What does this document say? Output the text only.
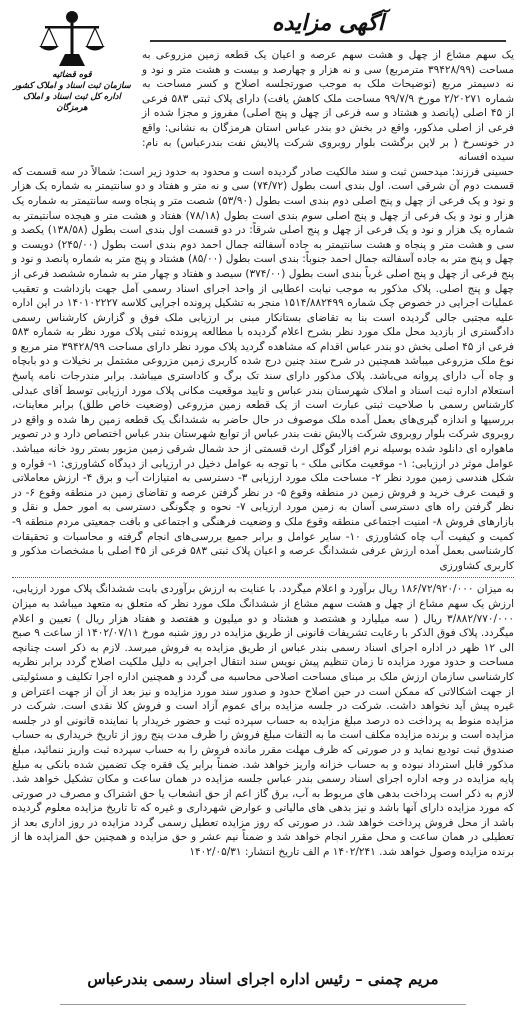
آگهی مزایده
قوه قضائیه
سازمان ثبت اسناد و املاک کشور
اداره کل ثبت اسناد و املاک هرمزگان

یک سهم مشاع از چهل و هشت سهم عرصه و اعیان یک قطعه زمین مزروعی به مساحت (۳۹۴۲۸/۹۹ مترمربع) سی و نه هزار و چهارصد و بیست و هشت متر و نود و نه دسیمتر مربع (توضیحات ملک به موجب صورتجلسه اصلاح و کسر مساحت به شماره ۲/۲۰۲۷۱ مورخ ۹۹/۷/۹ مساحت ملک کاهش یافت) دارای پلاک ثبتی ۵۸۳ فرعی از ۴۵ اصلی (پانصد و هشتاد و سه فرعی از چهل و پنج اصلی) مفروز و مجزا شده از فرعی از اصلی مذکور، واقع در بخش دو بندر عباس استان هرمزگان به نشانی: واقع در خونسرخ ( بر لاین برگشت بلوار روبروی شرکت پالایش نفت بندرعباس) به نام: سیده افسانه

حسینی فرزند: میدحسن ثبت و سند مالکیت صادر گردیده است و محدود به حدود زیر است: شمالاً در سه قسمت که قسمت دوم آن شرقی است. اول بندی است بطول (۷۴/۷۲) سی و نه متر و هفتاد و دو سانتیمتر به شماره یک هزار و نود و یک فرعی از چهل و پنج اصلی دوم بندی است بطول (۵۳/۹۰) شصت متر و پنجاه وسه سانتیمتر به شماره یک هزار و نود و یک فرعی از چهل و پنج اصلی سوم بندی است بطول (۷۸/۱۸) هفتاد و هشت متر و هیجده سانتیمتر به شماره یک هزار و نود و یک فرعی از چهل و پنج اصلی شرقاً: در دو قسمت اول بندی است بطول (۱۳۸/۵۸) یکصد و سی و هشت متر و پنجاه و هشت سانتیمتر به جاده آسفالته جمال احمد دوم بندی است بطول (۲۴۵/۰۰) دویست و چهل و پنج متر به جاده آسفالته جمال احمد جنوباً: بندی است بطول (۸۵/۰۰) هشتاد و پنج متر به شماره پانصد و نود و پنج فرعی از چهل و پنج اصلی غرباً بندی است بطول (۳۷۴/۰۰) سیصد و هفتاد و چهار متر به شماره ششصد فرعی از چهل و پنج اصلی. پلاک مذکور به موجب نیابت اعطایی از واحد اجرای اسناد رسمی آمل جهت بازداشت و تعقیب عملیات اجرایی در خصوص چک شماره ۱۵۱۴/۸۸۲۴۹۹ منجر به تشکیل پرونده اجرایی کلاسه ۱۴۰۱۰۲۲۲۷ در این اداره علیه مجتبی جالی گردیده است بنا به تقاضای بستانکار مبنی بر ارزیابی ملک فوق و گزارش کارشناس رسمی دادگستری از بازدید محل ملک مورد نظر بشرح اعلام گردیده با مطالعه پرونده ثبتی پلاک مورد نظر به شماره ۵۸۳ فرعی از ۴۵ اصلی بخش دو بندر عباس اقدام که مشاهده گردید پلاک مورد نظر دارای مساحت ۳۹۴۲۸/۹۹ متر مربع و نوع ملک مزروعی میباشد همچنین در شرح سند چنین درج شده کاربری زمین مزروعی مشتمل بر نخیلات و دو بابچاه و چاه آب دارای پروانه می‌باشد. پلاک مذکور دارای سند تک برگ و کاداستری میباشد. برابر مندرجات نامه پاسخ استعلام اداره ثبت اسناد و املاک شهرستان بندر عباس و تایید موقعیت مکانی پلاک مورد ارزیابی توسط آقای عبدلی کارشناس رسمی با صلاحیت ثبتی عبارت است از یک قطعه زمین مزروعی (وضعیت خاص طلق) برابر معاینات، بررسیها و اندازه گیری‌های بعمل آمده ملک موصوف در حال حاضر به ششدانگ یک قطعه زمین رها شده و واقع در روبروی شرکت بلوار روبروی شرکت پالایش نفت بندر عباس از توابع شهرستان بندر عباس اختصاص دارد و در تصویر ماهواره ای دانلود شده بوسیله نرم افزار گوگل ارث قسمتی از حد شمال شرقی زمین مزبور بستر رود خانه میباشد. عوامل موثر در ارزیابی: ۱- موقعیت مکانی ملک - با توجه به عوامل دخیل در ارزیابی از دیدگاه کشاورزی: ۱- قواره و شکل هندسی زمین مورد نظر ۲- مساحت ملک مورد ارزیابی ۳- دسترسی به امتیازات آب و برق ۴- ارزش معاملاتی و قیمت عرف خرید و فروش زمین در منطقه وقوع ۵- در نظر گرفتن عرصه و تقاضای زمین در منطقه وقوع ۶- در نظر گرفتن راه های دسترسی آسان به زمین مورد ارزیابی ۷- نحوه و چگونگی دسترسی به امور حمل و نقل و بازارهای فروش ۸- امنیت اجتماعی منطقه وقوع ملک و وضعیت فرهنگی و اجتماعی و بافت جمعیتی مردم منطقه ۹- کمیت و کیفیت آب چاه کشاورزی ۱۰- سایر عوامل و برابر جمیع بررسی‌های انجام گرفته و محاسبات و تحقیقات کارشناسی بعمل آمده ارزش عرفی ششدانگ عرصه و اعیان پلاک ثبتی ۵۸۳ فرعی از ۴۵ اصلی با مشخصات مذکور و کاربری کشاورزی

به میزان ۱۸۶/۷۲/۹۲۰/۰۰۰ ریال برآورد و اعلام میگردد. با عنایت به ارزش برآوردی بابت ششدانگ پلاک مورد ارزیابی، ارزش یک سهم مشاع از چهل و هشت سهم مشاع از ششدانگ ملک مورد نظر که متعلق به متعهد میباشد به میزان ۳/۸۸۲/۷۷۰/۰۰۰ ریال ( سه میلیارد و هشتصد و هشتاد و دو میلیون و هفتصد و هفتاد هزار ریال ) تعیین و اعلام میگردد. پلاک فوق الذکر با رعایت تشریفات قانونی از طریق مزایده در روز شنبه مورخ ۱۴۰۲/۰۷/۱۱ از ساعت ۹ صبح الی ۱۲ ظهر در اداره اجرای اسناد رسمی بندر عباس از طریق مزایده به فروش میرسد. لازم به ذکر است چنانچه مساحت و حدود مورد مزایده تا زمان تنظیم پیش نویس سند انتقال اجرایی به دلیل ملکیت اصلاح گردد برابر نظریه کارشناسی سازمان ارزش ملک بر مبنای مساحت اصلاحی محاسبه می گردد و همچنین اداره اجرا تکلیف و مسئولیتی از جهت اشکالاتی که ممکن است در حین اصلاح حدود و صدور سند مورد مزایده و نیز بعد از آن از جهت اعتراض و غیره پیش آید نخواهد داشت. شرکت در جلسه مزایده برای عموم آزاد است و فروش کلا نقدی است. شرکت در مزایده منوط به پرداخت ده درصد مبلغ مزایده به حساب سپرده ثبت و حضور خریدار یا نماینده قانونی او در جلسه مزایده است و برنده مزایده مکلف است ما به التفات مبلغ فروش را ظرف مدت پنج روز از تاریخ خریداری به حساب صندوق ثبت تودیع نماید و در صورتی که ظرف مهلت مقرر مانده فروش را به حساب سپرده ثبت واریز ننمائید، مبلغ مذکور قابل استرداد نبوده و به حساب خزانه واریز خواهد شد. ضمناً برابر یک فقره چک تضمین شده بانکی به مبلغ پایه مزایده در وجه اداره اجرای اسناد رسمی بندر عباس جلسه مزایده در همان ساعت و مکان تشکیل خواهد شد. لازم به ذکر است پرداخت بدهی های مربوط به آب، برق گاز اعم از حق انشعاب یا حق اشتراک و مصرف در صورتی که مورد مزایده دارای آنها باشد و نیز بدهی های مالیاتی و عوارض شهرداری و غیره که تا تاریخ مزایده معلوم گردیده باشد از محل فروش پرداخت خواهد شد. در صورتی که روز مزایده تعطیل رسمی گردد مزایده در روز اداری بعد از تعطیلی در همان ساعت و محل مقرر انجام خواهد شد و ضمناً نیم عشر و حق مزایده و همچنین حق المزایده ها از برنده مزایده وصول خواهد شد. ۱۴۰۲/۲۴۱ م الف تاریخ انتشار: ۱۴۰۲/۰۵/۳۱

مریم چمنی – رئیس اداره اجرای اسناد رسمی بندرعباس
